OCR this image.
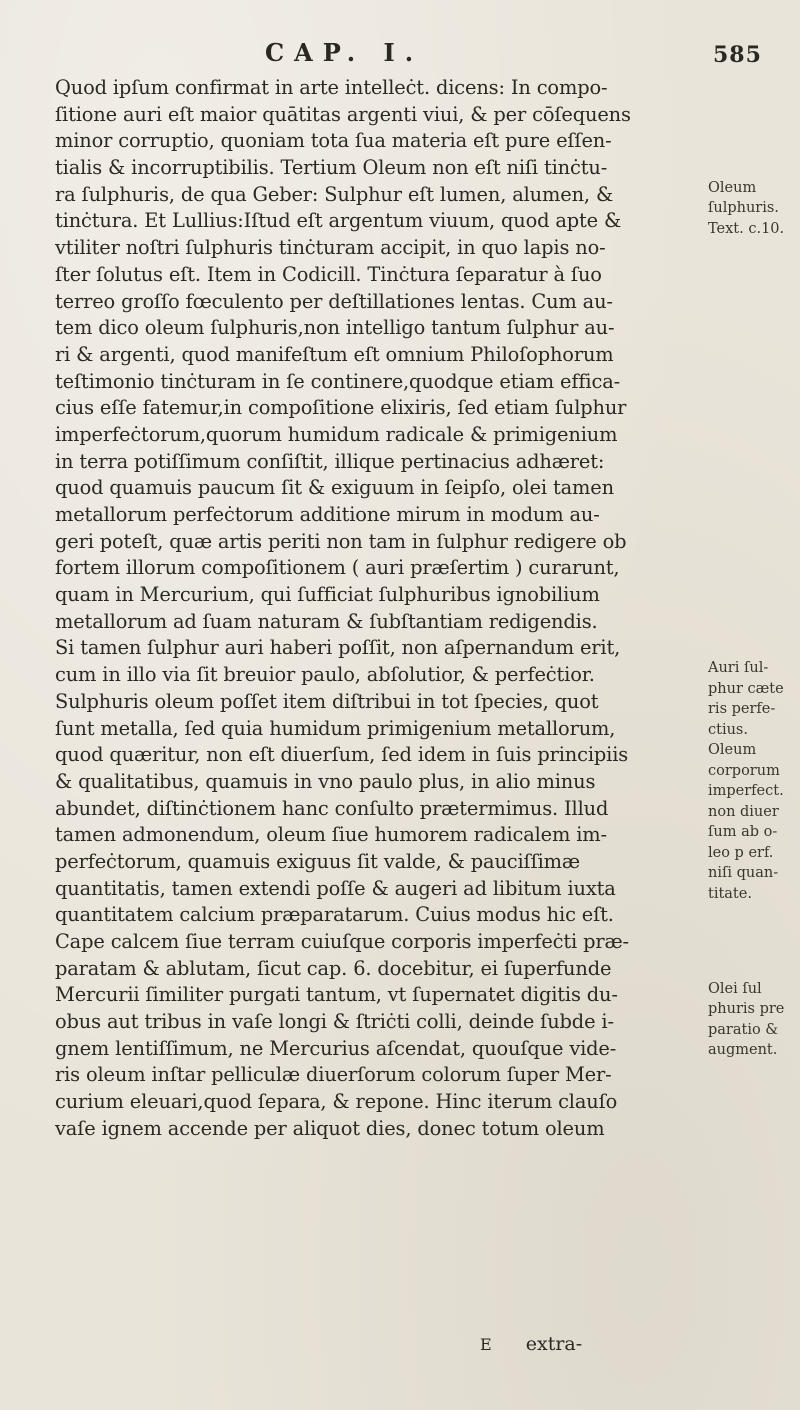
CAP. I.	585
Quod ipſum confirmat in arte intelleċt. dicens: In compo-
ſitione auri eſt maior quātitas argenti viui, & per cōſequens
minor corruptio, quoniam tota ſua materia eſt pure eſſen-
tialis & incorruptibilis. Tertium Oleum non eſt niſi tinċtu-
ra ſulphuris, de qua Geber: Sulphur eſt lumen, alumen, &
tinċtura. Et Lullius:Iſtud eſt argentum viuum, quod apte &
vtiliter noſtri ſulphuris tinċturam accipit, in quo lapis no-
ſter ſolutus eſt. Item in Codicill. Tinċtura ſeparatur à ſuo
terreo groſſo fœculento per deſtillationes lentas. Cum au-
tem dico oleum ſulphuris,non intelligo tantum ſulphur au-
ri & argenti, quod manifeſtum eſt omnium Philoſophorum
teſtimonio tinċturam in ſe continere,quodque etiam effica-
cius eſſe fatemur,in compoſitione elixiris, ſed etiam ſulphur
imperfeċtorum,quorum humidum radicale & primigenium
in terra potiſſimum conſiſtit, illique pertinacius adhæret:
quod quamuis paucum ſit & exiguum in ſeipſo, olei tamen
metallorum perfeċtorum additione mirum in modum au-
geri poteſt, quæ artis periti non tam in ſulphur redigere ob
fortem illorum compoſitionem ( auri præſertim ) curarunt,
quam in Mercurium, qui ſufficiat ſulphuribus ignobilium
metallorum ad ſuam naturam & ſubſtantiam redigendis.
Si tamen ſulphur auri haberi poſſit, non aſpernandum erit,
cum in illo via ſit breuior paulo, abſolutior, & perfeċtior.
Sulphuris oleum poſſet item diſtribui in tot ſpecies, quot
ſunt metalla, ſed quia humidum primigenium metallorum,
quod quæritur, non eſt diuerſum, ſed idem in ſuis principiis
& qualitatibus, quamuis in vno paulo plus, in alio minus
abundet, diſtinċtionem hanc conſulto prætermimus. Illud
tamen admonendum, oleum ſiue humorem radicalem im-
perfeċtorum, quamuis exiguus ſit valde, & pauciſſimæ
quantitatis, tamen extendi poſſe & augeri ad libitum iuxta
quantitatem calcium præparatarum. Cuius modus hic eſt.
Cape calcem ſiue terram cuiuſque corporis imperfeċti præ-
paratam & ablutam, ſicut cap. 6. docebitur, ei ſuperfunde
Mercurii ſimiliter purgati tantum, vt ſupernatet digitis du-
obus aut tribus in vaſe longi & ſtriċti colli, deinde ſubde i-
gnem lentiſſimum, ne Mercurius aſcendat, quouſque vide-
ris oleum inſtar pelliculæ diuerſorum colorum ſuper Mer-
curium eleuari,quod ſepara, & repone. Hinc iterum clauſo
vaſe ignem accende per aliquot dies, donec totum oleum
E extra-
Oleum
ſulphuris.
Text. c.10.
Auri ſul-
phur cæte
ris perfe-
ctius.
Oleum
corporum
imperfect.
non diuer
ſum ab o-
leo p erf.
niſi quan-
titate.
Olei ſul
phuris pre
paratio &
augment.
